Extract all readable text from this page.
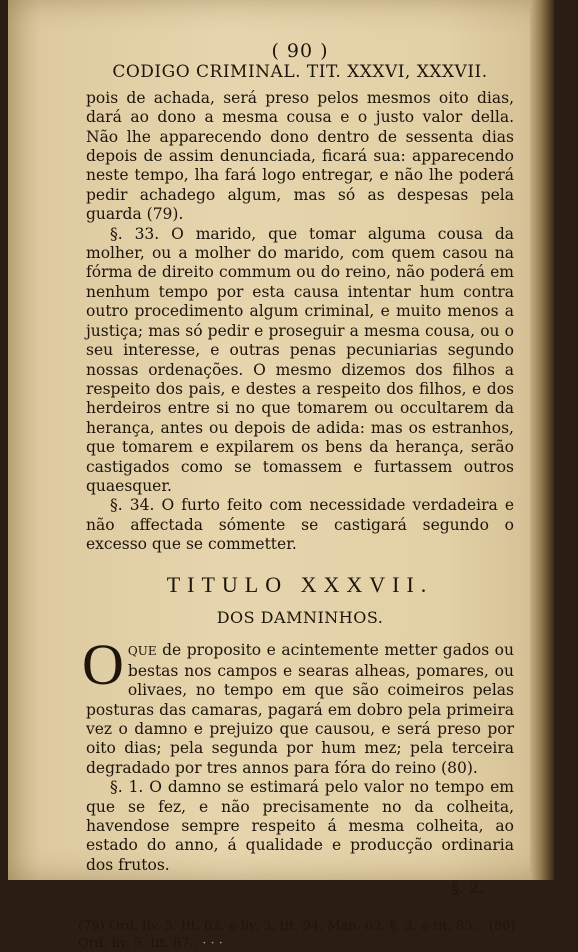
( 90 )
CODIGO CRIMINAL. TIT. XXXVI, XXXVII.

pois de achada, será preso pelos mesmos oito dias, dará ao dono a mesma cousa e o justo valor della. Não lhe apparecendo dono dentro de sessenta dias depois de assim denunciada, ficará sua: apparecendo neste tempo, lha fará logo entregar, e não lhe poderá pedir achadego algum, mas só as despesas pela guarda (79).

§. 33. O marido, que tomar alguma cousa da molher, ou a molher do marido, com quem casou na fórma de direito commum ou do reino, não poderá em nenhum tempo por esta causa intentar hum contra outro procedimento algum criminal, e muito menos a justiça; mas só pedir e proseguir a mesma cousa, ou o seu interesse, e outras penas pecuniarias segundo nossas ordenações. O mesmo dizemos dos filhos a respeito dos pais, e destes a respeito dos filhos, e dos herdeiros entre si no que tomarem ou occultarem da herança, antes ou depois de adida: mas os estranhos, que tomarem e expilarem os bens da herança, serão castigados como se tomassem e furtassem outros quaesquer.

§. 34. O furto feito com necessidade verdadeira e não affectada sómente se castigará segundo o excesso que se commetter.

TITULO XXXVII.
DOS DAMNINHOS.

O QUE de proposito e acintemente metter gados ou bestas nos campos e searas alheas, pomares, ou olivaes, no tempo em que são coimeiros pelas posturas das camaras, pagará em dobro pela primeira vez o damno e prejuizo que causou, e será preso por oito dias; pela segunda por hum mez; pela terceira degradado por tres annos para fóra do reino (80).

§. 1. O damno se estimará pelo valor no tempo em que se fez, e não precisamente no da colheita, havendose sempre respeito á mesma colheita, ao estado do anno, á qualidade e producção ordinaria dos frutos.

§. 2.
(79) Ord. liv. 5. tit. 62. e liv. 3. tit. 94. Man. 62. §. 2. e tit. 85. (80) Ord. liv. 5. tit. 87., · · ·
